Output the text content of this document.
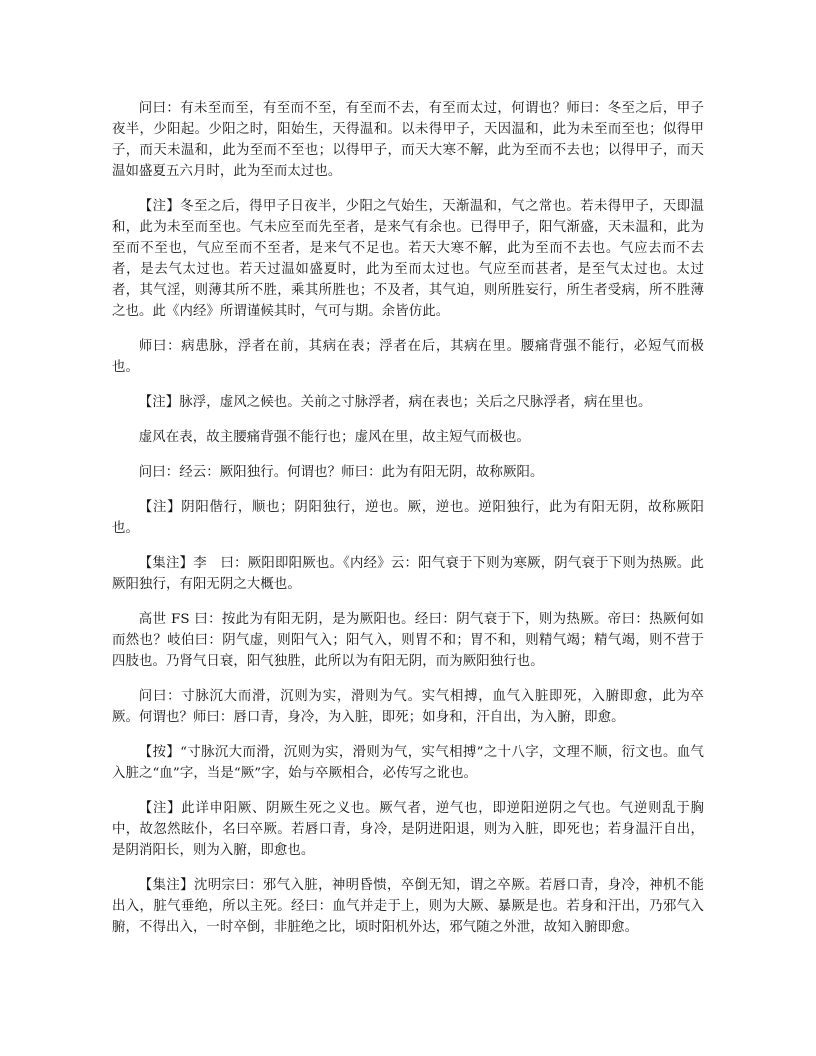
问曰：有未至而至，有至而不至，有至而不去，有至而太过，何谓也？师曰：冬至之后，甲子夜半，少阳起。少阳之时，阳始生，天得温和。以未得甲子，天因温和，此为未至而至也；似得甲子，而天未温和，此为至而不至也；以得甲子，而天大寒不解，此为至而不去也；以得甲子，而天温如盛夏五六月时，此为至而太过也。

【注】冬至之后，得甲子日夜半，少阳之气始生，天渐温和，气之常也。若未得甲子，天即温和，此为未至而至也。气未应至而先至者，是来气有余也。已得甲子，阳气渐盛，天未温和，此为至而不至也，气应至而不至者，是来气不足也。若天大寒不解，此为至而不去也。气应去而不去者，是去气太过也。若天过温如盛夏时，此为至而太过也。气应至而甚者，是至气太过也。太过者，其气淫，则薄其所不胜，乘其所胜也；不及者，其气迫，则所胜妄行，所生者受病，所不胜薄之也。此《内经》所谓谨候其时，气可与期。余皆仿此。

师曰：病患脉，浮者在前，其病在表；浮者在后，其病在里。腰痛背强不能行，必短气而极也。

【注】脉浮，虚风之候也。关前之寸脉浮者，病在表也；关后之尺脉浮者，病在里也。

虚风在表，故主腰痛背强不能行也；虚风在里，故主短气而极也。

问曰：经云：厥阳独行。何谓也？师曰：此为有阳无阴，故称厥阳。

【注】阴阳偕行，顺也；阴阳独行，逆也。厥，逆也。逆阳独行，此为有阳无阴，故称厥阳也。

【集注】李　曰：厥阳即阳厥也。《内经》云：阳气衰于下则为寒厥，阴气衰于下则为热厥。此厥阳独行，有阳无阴之大概也。

高世 FS 曰：按此为有阳无阴，是为厥阳也。经曰：阴气衰于下，则为热厥。帝曰：热厥何如而然也？岐伯曰：阴气虚，则阳气入；阳气入，则胃不和；胃不和，则精气竭；精气竭，则不营于四肢也。乃肾气日衰，阳气独胜，此所以为有阳无阴，而为厥阳独行也。

问曰：寸脉沉大而滑，沉则为实，滑则为气。实气相搏，血气入脏即死，入腑即愈，此为卒厥。何谓也？师曰：唇口青，身冷，为入脏，即死；如身和，汗自出，为入腑，即愈。

【按】“寸脉沉大而滑，沉则为实，滑则为气，实气相搏”之十八字，文理不顺，衍文也。血气入脏之“血”字，当是“厥”字，始与卒厥相合，必传写之讹也。

【注】此详申阳厥、阴厥生死之义也。厥气者，逆气也，即逆阳逆阴之气也。气逆则乱于胸中，故忽然眩仆，名曰卒厥。若唇口青，身冷，是阴进阳退，则为入脏，即死也；若身温汗自出，是阴消阳长，则为入腑，即愈也。

【集注】沈明宗曰：邪气入脏，神明昏愦，卒倒无知，谓之卒厥。若唇口青，身冷，神机不能出入，脏气垂绝，所以主死。经曰：血气并走于上，则为大厥、暴厥是也。若身和汗出，乃邪气入腑，不得出入，一时卒倒，非脏绝之比，顷时阳机外达，邪气随之外泄，故知入腑即愈。
